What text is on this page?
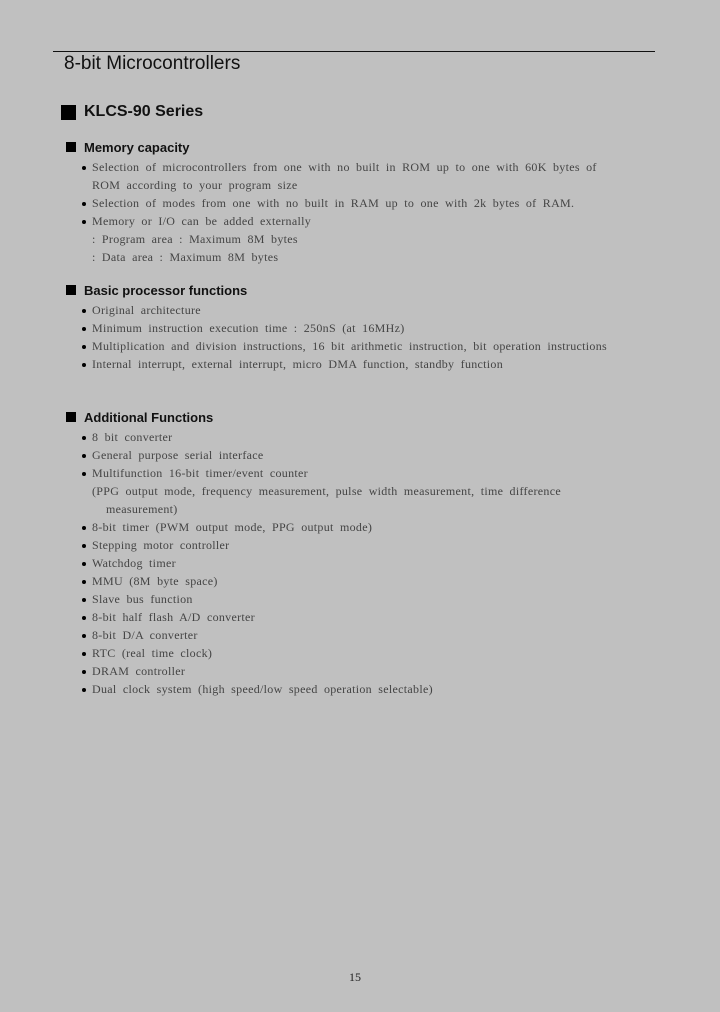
8-bit Microcontrollers
KLCS-90 Series
Memory capacity
Selection of microcontrollers from one with no built in ROM up to one with 60K bytes of
ROM according to your program size
Selection of modes from one with no built in RAM up to one with 2k bytes of RAM.
Memory or I/O can be added externally
: Program area : Maximum 8M bytes
: Data area : Maximum 8M bytes
Basic processor functions
Original architecture
Minimum instruction execution time : 250nS (at 16MHz)
Multiplication and division instructions, 16 bit arithmetic instruction, bit operation instructions
Internal interrupt, external interrupt, micro DMA function, standby function
Additional Functions
8 bit converter
General purpose serial interface
Multifunction 16-bit timer/event counter
(PPG output mode, frequency measurement, pulse width measurement, time difference
measurement)
8-bit timer (PWM output mode, PPG output mode)
Stepping motor controller
Watchdog timer
MMU (8M byte space)
Slave bus function
8-bit half flash A/D converter
8-bit D/A converter
RTC (real time clock)
DRAM controller
Dual clock system (high speed/low speed operation selectable)
15
